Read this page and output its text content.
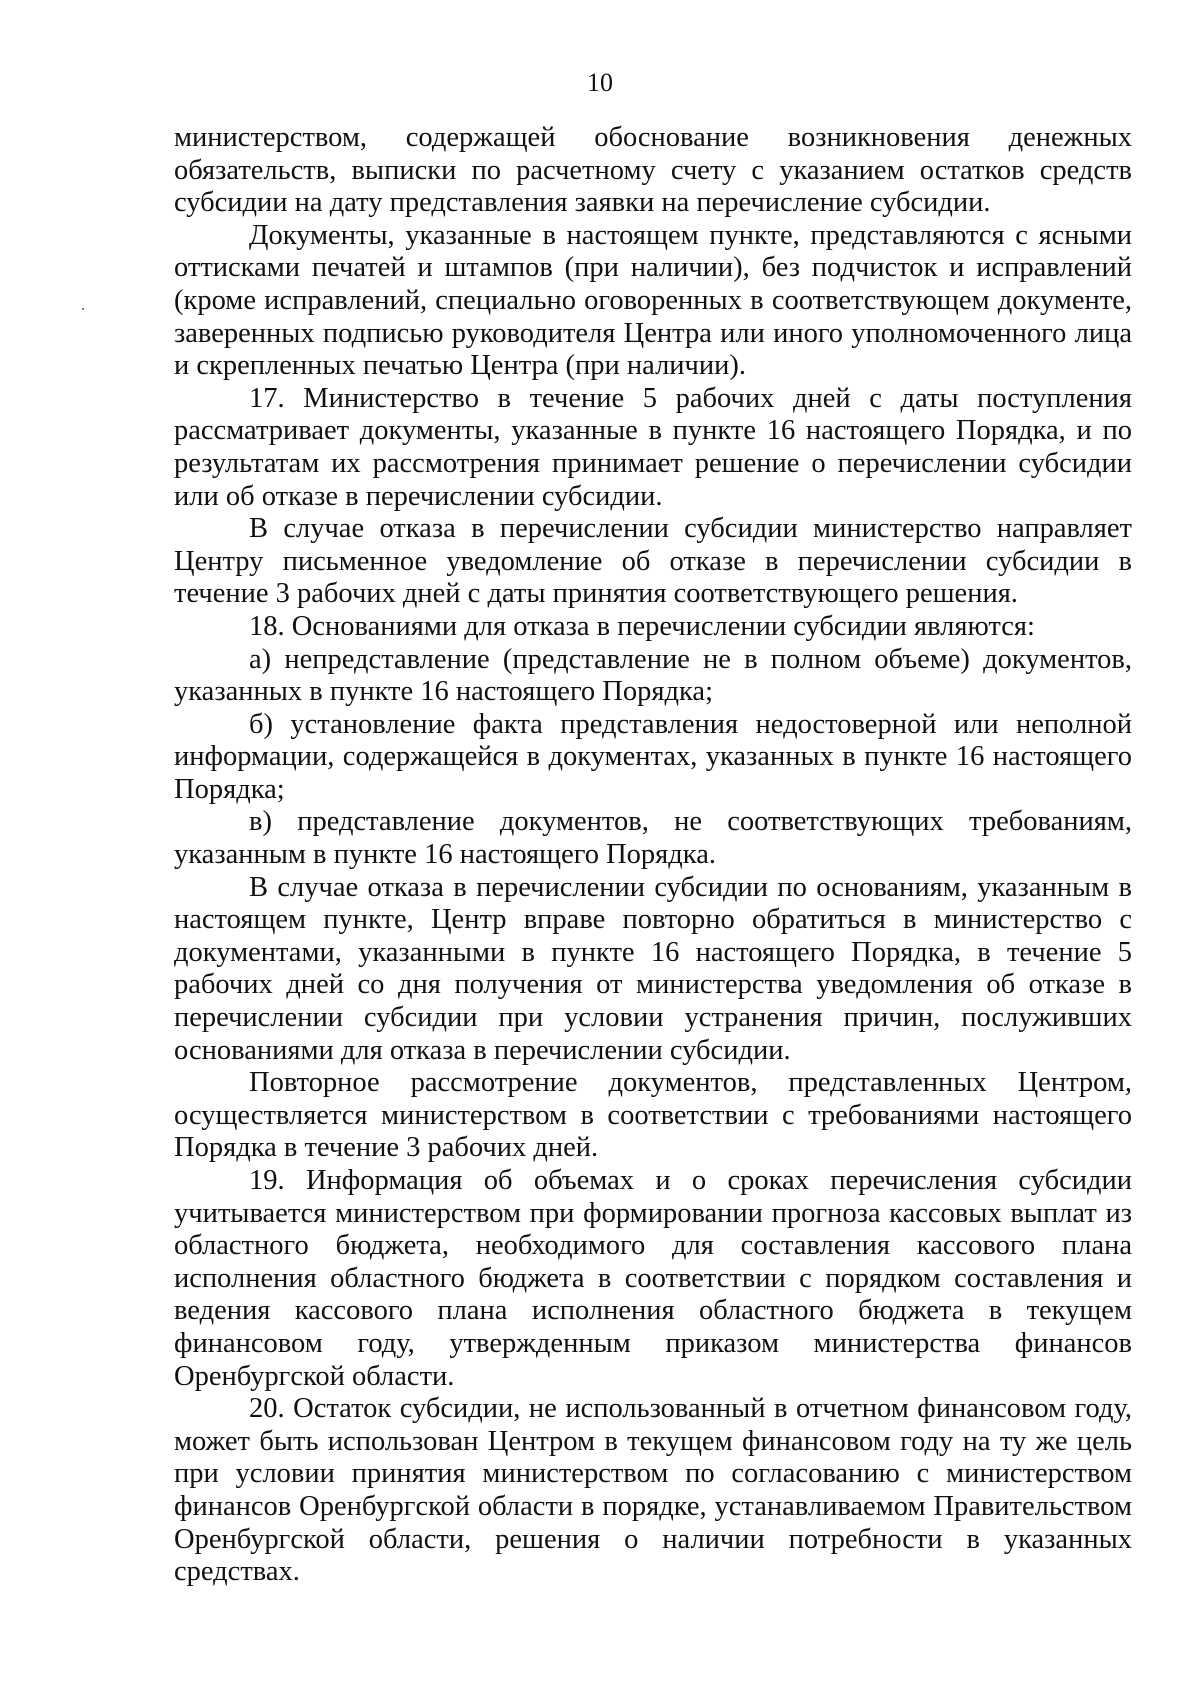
10

министерством, содержащей обоснование возникновения денежных обязательств, выписки по расчетному счету с указанием остатков средств субсидии на дату представления заявки на перечисление субсидии.

Документы, указанные в настоящем пункте, представляются с ясными оттисками печатей и штампов (при наличии), без подчисток и исправлений (кроме исправлений, специально оговоренных в соответствующем документе, заверенных подписью руководителя Центра или иного уполномоченного лица и скрепленных печатью Центра (при наличии).

17. Министерство в течение 5 рабочих дней с даты поступления рассматривает документы, указанные в пункте 16 настоящего Порядка, и по результатам их рассмотрения принимает решение о перечислении субсидии или об отказе в перечислении субсидии.

В случае отказа в перечислении субсидии министерство направляет Центру письменное уведомление об отказе в перечислении субсидии в течение 3 рабочих дней с даты принятия соответствующего решения.

18. Основаниями для отказа в перечислении субсидии являются:

а) непредставление (представление не в полном объеме) документов, указанных в пункте 16 настоящего Порядка;

б) установление факта представления недостоверной или неполной информации, содержащейся в документах, указанных в пункте 16 настоящего Порядка;

в) представление документов, не соответствующих требованиям, указанным в пункте 16 настоящего Порядка.

В случае отказа в перечислении субсидии по основаниям, указанным в настоящем пункте, Центр вправе повторно обратиться в министерство с документами, указанными в пункте 16 настоящего Порядка, в течение 5 рабочих дней со дня получения от министерства уведомления об отказе в перечислении субсидии при условии устранения причин, послуживших основаниями для отказа в перечислении субсидии.

Повторное рассмотрение документов, представленных Центром, осуществляется министерством в соответствии с требованиями настоящего Порядка в течение 3 рабочих дней.

19. Информация об объемах и о сроках перечисления субсидии учитывается министерством при формировании прогноза кассовых выплат из областного бюджета, необходимого для составления кассового плана исполнения областного бюджета в соответствии с порядком составления и ведения кассового плана исполнения областного бюджета в текущем финансовом году, утвержденным приказом министерства финансов Оренбургской области.

20. Остаток субсидии, не использованный в отчетном финансовом году, может быть использован Центром в текущем финансовом году на ту же цель при условии принятия министерством по согласованию с министерством финансов Оренбургской области в порядке, устанавливаемом Правительством Оренбургской области, решения о наличии потребности в указанных средствах.
